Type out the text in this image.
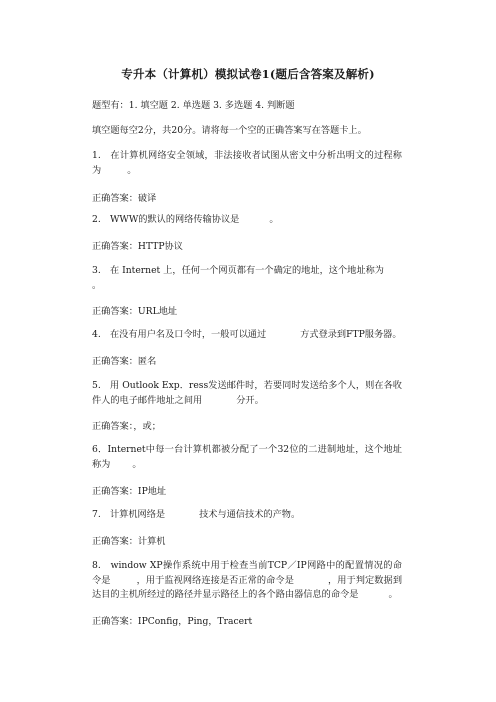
专升本（计算机）模拟试卷1(题后含答案及解析)
题型有：1. 填空题 2. 单选题 3. 多选题 4. 判断题
填空题每空2分，共20分。请将每一个空的正确答案写在答题卡上。
1.　在计算机网络安全领域，非法接收者试图从密文中分析出明文的过程称为	。
正确答案：破译
2.　WWW的默认的网络传输协议是	。
正确答案：HTTP协议
3.　在 Internet 上，任何一个网页都有一个确定的地址，这个地址称为。
正确答案：URL地址
4.　在没有用户名及口令时，一般可以通过	方式登录到FTP服务器。
正确答案：匿名
5.　用 Outlook Exp．ress发送邮件时，若要同时发送给多个人，则在各收件人的电子邮件地址之间用	分开。
正确答案：，或；
6．Internet中每一台计算机都被分配了一个32位的二进制地址，这个地址称为 。
正确答案：IP地址
7.　计算机网络是	技术与通信技术的产物。
正确答案：计算机
8.　window XP操作系统中用于检查当前TCP／IP网路中的配置情况的命令是	，用于监视网络连接是否正常的命令是	，用于判定数据到达目的主机所经过的路径并显示路径上的各个路由器信息的命令是	。
正确答案：IPConfig，Ping，Tracert
